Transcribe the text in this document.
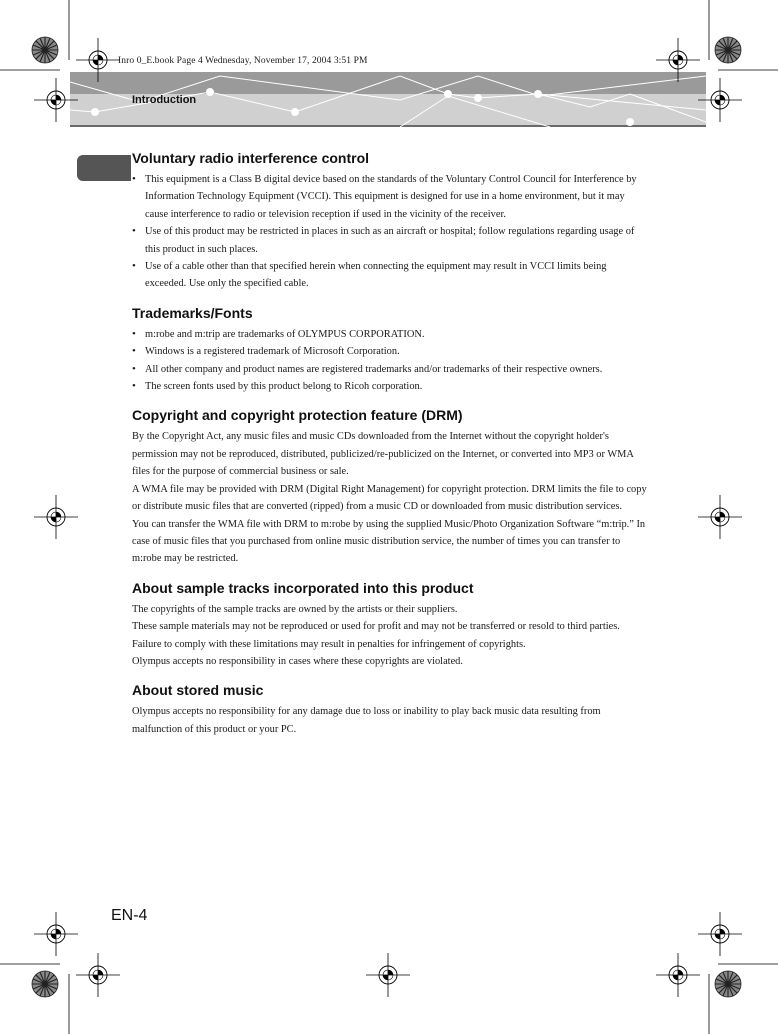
Inro 0_E.book Page 4 Wednesday, November 17, 2004 3:51 PM
Introduction
Voluntary radio interference control
• This equipment is a Class B digital device based on the standards of the Voluntary Control Council for Interference by Information Technology Equipment (VCCI). This equipment is designed for use in a home environment, but it may cause interference to radio or television reception if used in the vicinity of the receiver.
• Use of this product may be restricted in places in such as an aircraft or hospital; follow regulations regarding usage of this product in such places.
• Use of a cable other than that specified herein when connecting the equipment may result in VCCI limits being exceeded. Use only the specified cable.
Trademarks/Fonts
• m:robe and m:trip are trademarks of OLYMPUS CORPORATION.
• Windows is a registered trademark of Microsoft Corporation.
• All other company and product names are registered trademarks and/or trademarks of their respective owners.
• The screen fonts used by this product belong to Ricoh corporation.
Copyright and copyright protection feature (DRM)

By the Copyright Act, any music files and music CDs downloaded from the Internet without the copyright holder's permission may not be reproduced, distributed, publicized/re-publicized on the Internet, or converted into MP3 or WMA files for the purpose of commercial business or sale.

A WMA file may be provided with DRM (Digital Right Management) for copyright protection. DRM limits the file to copy or distribute music files that are converted (ripped) from a music CD or downloaded from music distribution services.

You can transfer the WMA file with DRM to m:robe by using the supplied Music/Photo Organization Software “m:trip.” In case of music files that you purchased from online music distribution service, the number of times you can transfer to m:robe may be restricted.

About sample tracks incorporated into this product

The copyrights of the sample tracks are owned by the artists or their suppliers.

These sample materials may not be reproduced or used for profit and may not be transferred or resold to third parties.

Failure to comply with these limitations may result in penalties for infringement of copyrights.

Olympus accepts no responsibility in cases where these copyrights are violated.

About stored music

Olympus accepts no responsibility for any damage due to loss or inability to play back music data resulting from malfunction of this product or your PC.

EN-4
